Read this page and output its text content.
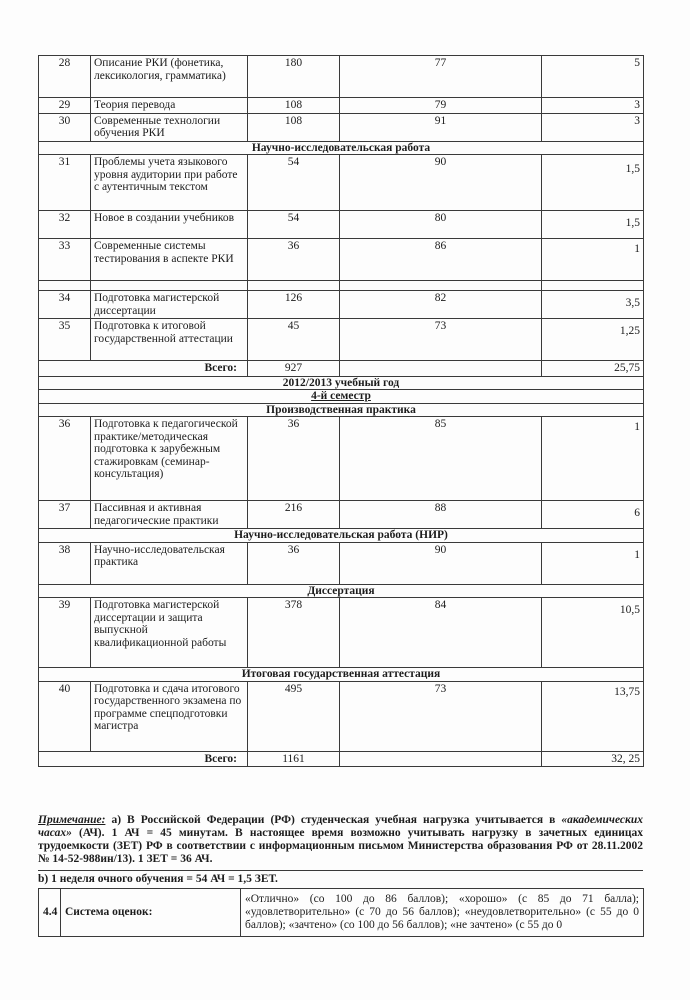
28	Описание РКИ (фонетика, лексикология, грамматика)	180	77	5
29	Теория перевода	108	79	3
30	Современные технологии обучения РКИ	108	91	3
Научно-исследовательская работа				
31	Проблемы учета языкового уровня аудитории при работе с аутентичным текстом	54	90	1,5
32	Новое в создании учебников	54	80	1,5
33	Современные системы тестирования в аспекте РКИ	36	86	1

34	Подготовка магистерской диссертации	126	82	3,5
35	Подготовка к итоговой государственной аттестации	45	73	1,25
Всего:		927		25,75
2012/2013 учебный год				
4-й семестр				
Производственная практика				
36	Подготовка к педагогической практике/методическая подготовка к зарубежным стажировкам (семинар-консультация)	36	85	1
37	Пассивная и активная педагогические практики	216	88	6
Научно-исследовательская работа (НИР)				
38	Научно-исследовательская практика	36	90	1
Диссертация				
39	Подготовка магистерской диссертации и защита выпускной квалификационной работы	378	84	10,5
Итоговая государственная аттестация				
40	Подготовка и сдача итогового государственного экзамена по программе спецподготовки магистра	495	73	13,75
Всего:		1161		32, 25
Примечание: а) В Российской Федерации (РФ) студенческая учебная нагрузка учитывается в «академических часах» (АЧ). 1 АЧ = 45 минутам. В настоящее время возможно учитывать нагрузку в зачетных единицах трудоемкости (ЗЕТ) РФ в соответствии с информационным письмом Министерства образования РФ от 28.11.2002 № 14-52-988ин/13). 1 ЗЕТ = 36 АЧ.
b) 1 неделя очного обучения = 54 АЧ = 1,5 ЗЕТ.
4.4	Система оценок:	«Отлично» (со 100 до 86 баллов); «хорошо» (с 85 до 71 балла); «удовлетворительно» (с 70 до 56 баллов); «неудовлетворительно» (с 55 до 0 баллов); «зачтено» (со 100 до 56 баллов); «не зачтено» (с 55 до 0
